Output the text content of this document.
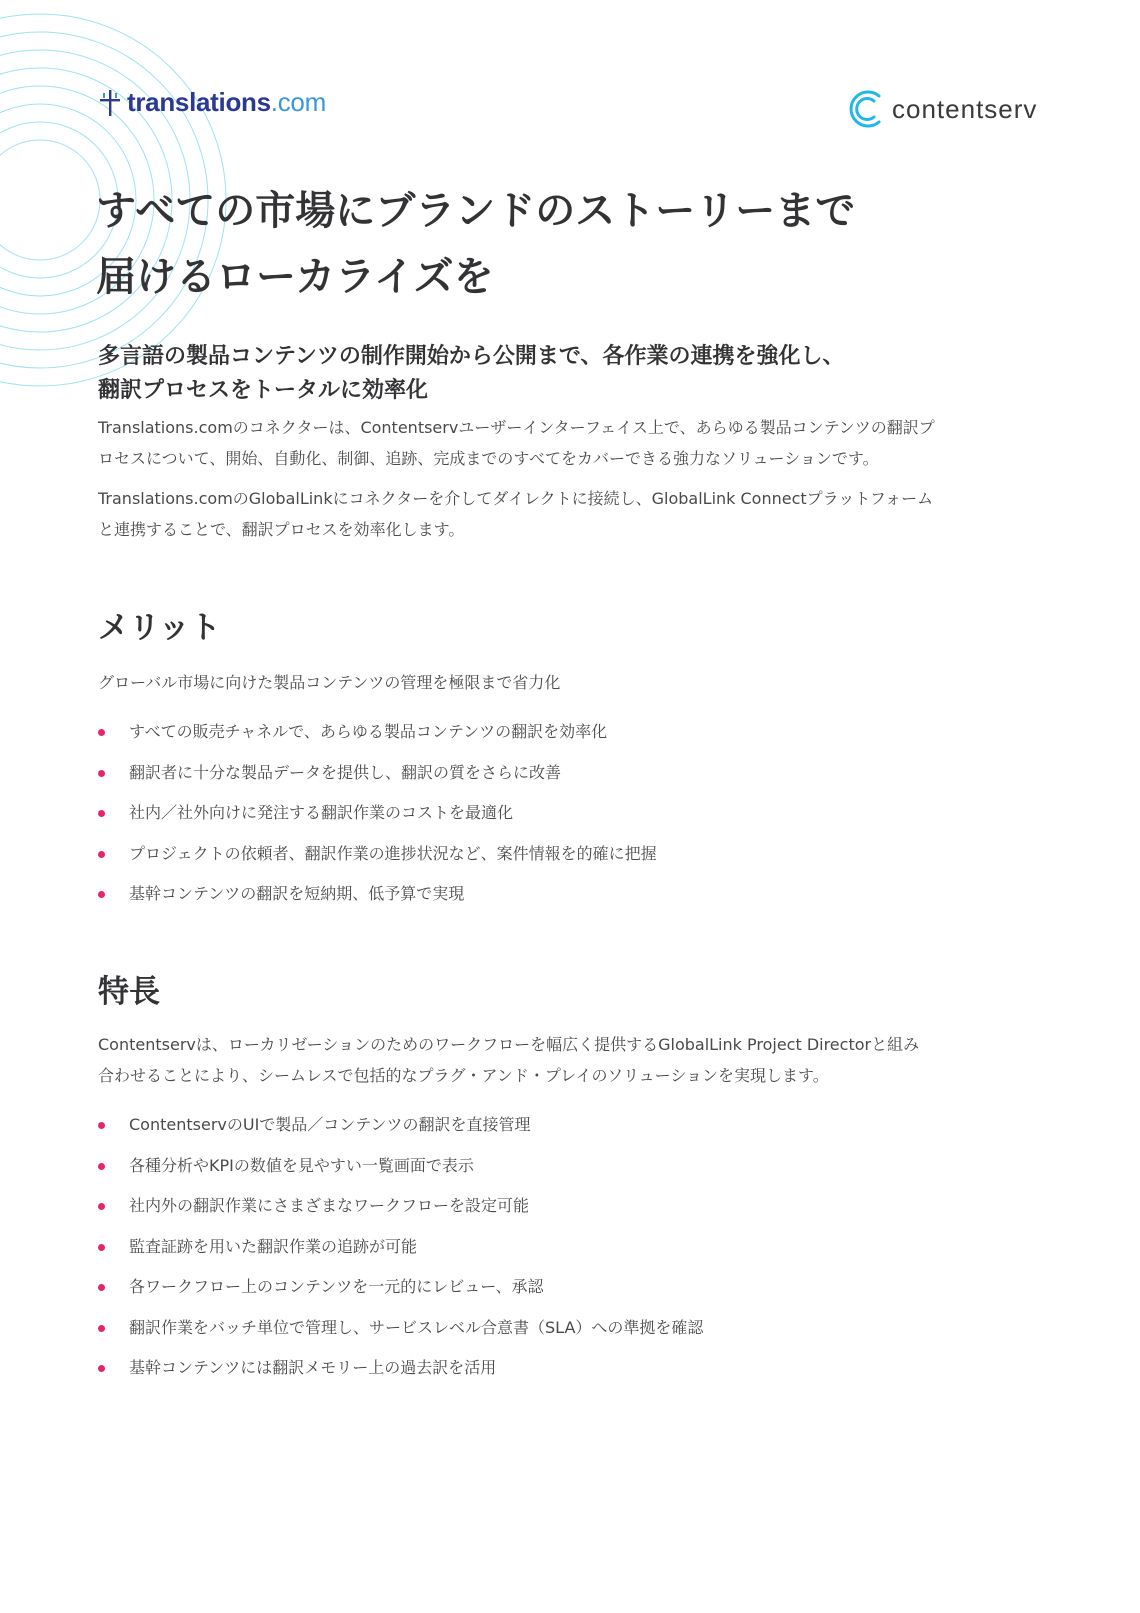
translations.com	contentserv
すべての市場にブランドのストーリーまで
届けるローカライズを
多言語の製品コンテンツの制作開始から公開まで、各作業の連携を強化し、
翻訳プロセスをトータルに効率化

Translations.comのコネクターは、Contentservユーザーインターフェイス上で、あらゆる製品コンテンツの翻訳プ
ロセスについて、開始、自動化、制御、追跡、完成までのすべてをカバーできる強力なソリューションです。

Translations.comのGlobalLinkにコネクターを介してダイレクトに接続し、GlobalLink Connectプラットフォーム
と連携することで、翻訳プロセスを効率化します。

メリット

グローバル市場に向けた製品コンテンツの管理を極限まで省力化

すべての販売チャネルで、あらゆる製品コンテンツの翻訳を効率化
翻訳者に十分な製品データを提供し、翻訳の質をさらに改善
社内／社外向けに発注する翻訳作業のコストを最適化
プロジェクトの依頼者、翻訳作業の進捗状況など、案件情報を的確に把握
基幹コンテンツの翻訳を短納期、低予算で実現
特長

Contentservは、ローカリゼーションのためのワークフローを幅広く提供するGlobalLink Project Directorと組み
合わせることにより、シームレスで包括的なプラグ・アンド・プレイのソリューションを実現します。

ContentservのUIで製品／コンテンツの翻訳を直接管理
各種分析やKPIの数値を見やすい一覧画面で表示
社内外の翻訳作業にさまざまなワークフローを設定可能
監査証跡を用いた翻訳作業の追跡が可能
各ワークフロー上のコンテンツを一元的にレビュー、承認
翻訳作業をバッチ単位で管理し、サービスレベル合意書（SLA）への準拠を確認
基幹コンテンツには翻訳メモリー上の過去訳を活用
